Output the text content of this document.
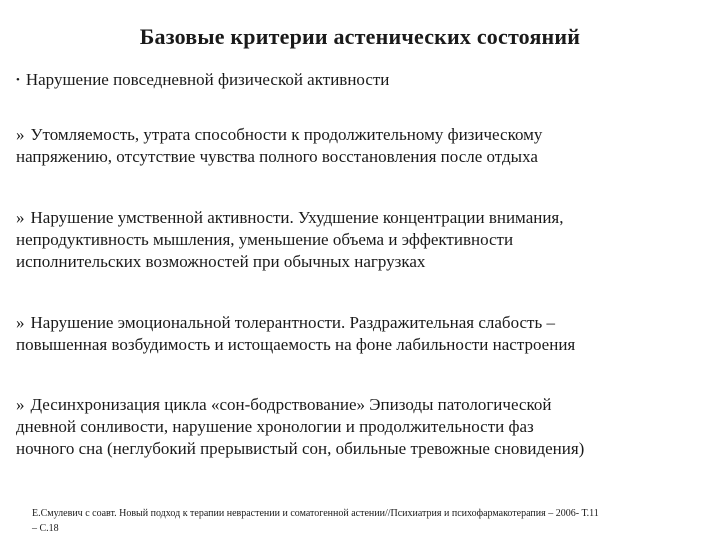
Базовые критерии астенических состояний
• Нарушение повседневной физической активности
» Утомляемость, утрата способности к продолжительному физическому
напряжению, отсутствие чувства полного восстановления после отдыха
» Нарушение умственной активности. Ухудшение концентрации внимания,
непродуктивность мышления, уменьшение объема и эффективности
исполнительских возможностей при обычных нагрузках
» Нарушение эмоциональной толерантности. Раздражительная слабость –
повышенная возбудимость и истощаемость на фоне лабильности настроения
» Десинхронизация цикла «сон-бодрствование» Эпизоды патологической
дневной сонливости, нарушение хронологии и продолжительности фаз
ночного сна (неглубокий прерывистый сон, обильные тревожные сновидения)
Е.Смулевич с соавт. Новый подход к терапии неврастении и соматогенной астении//Психиатрия и психофармакотерапия – 2006- Т.11
– С.18
